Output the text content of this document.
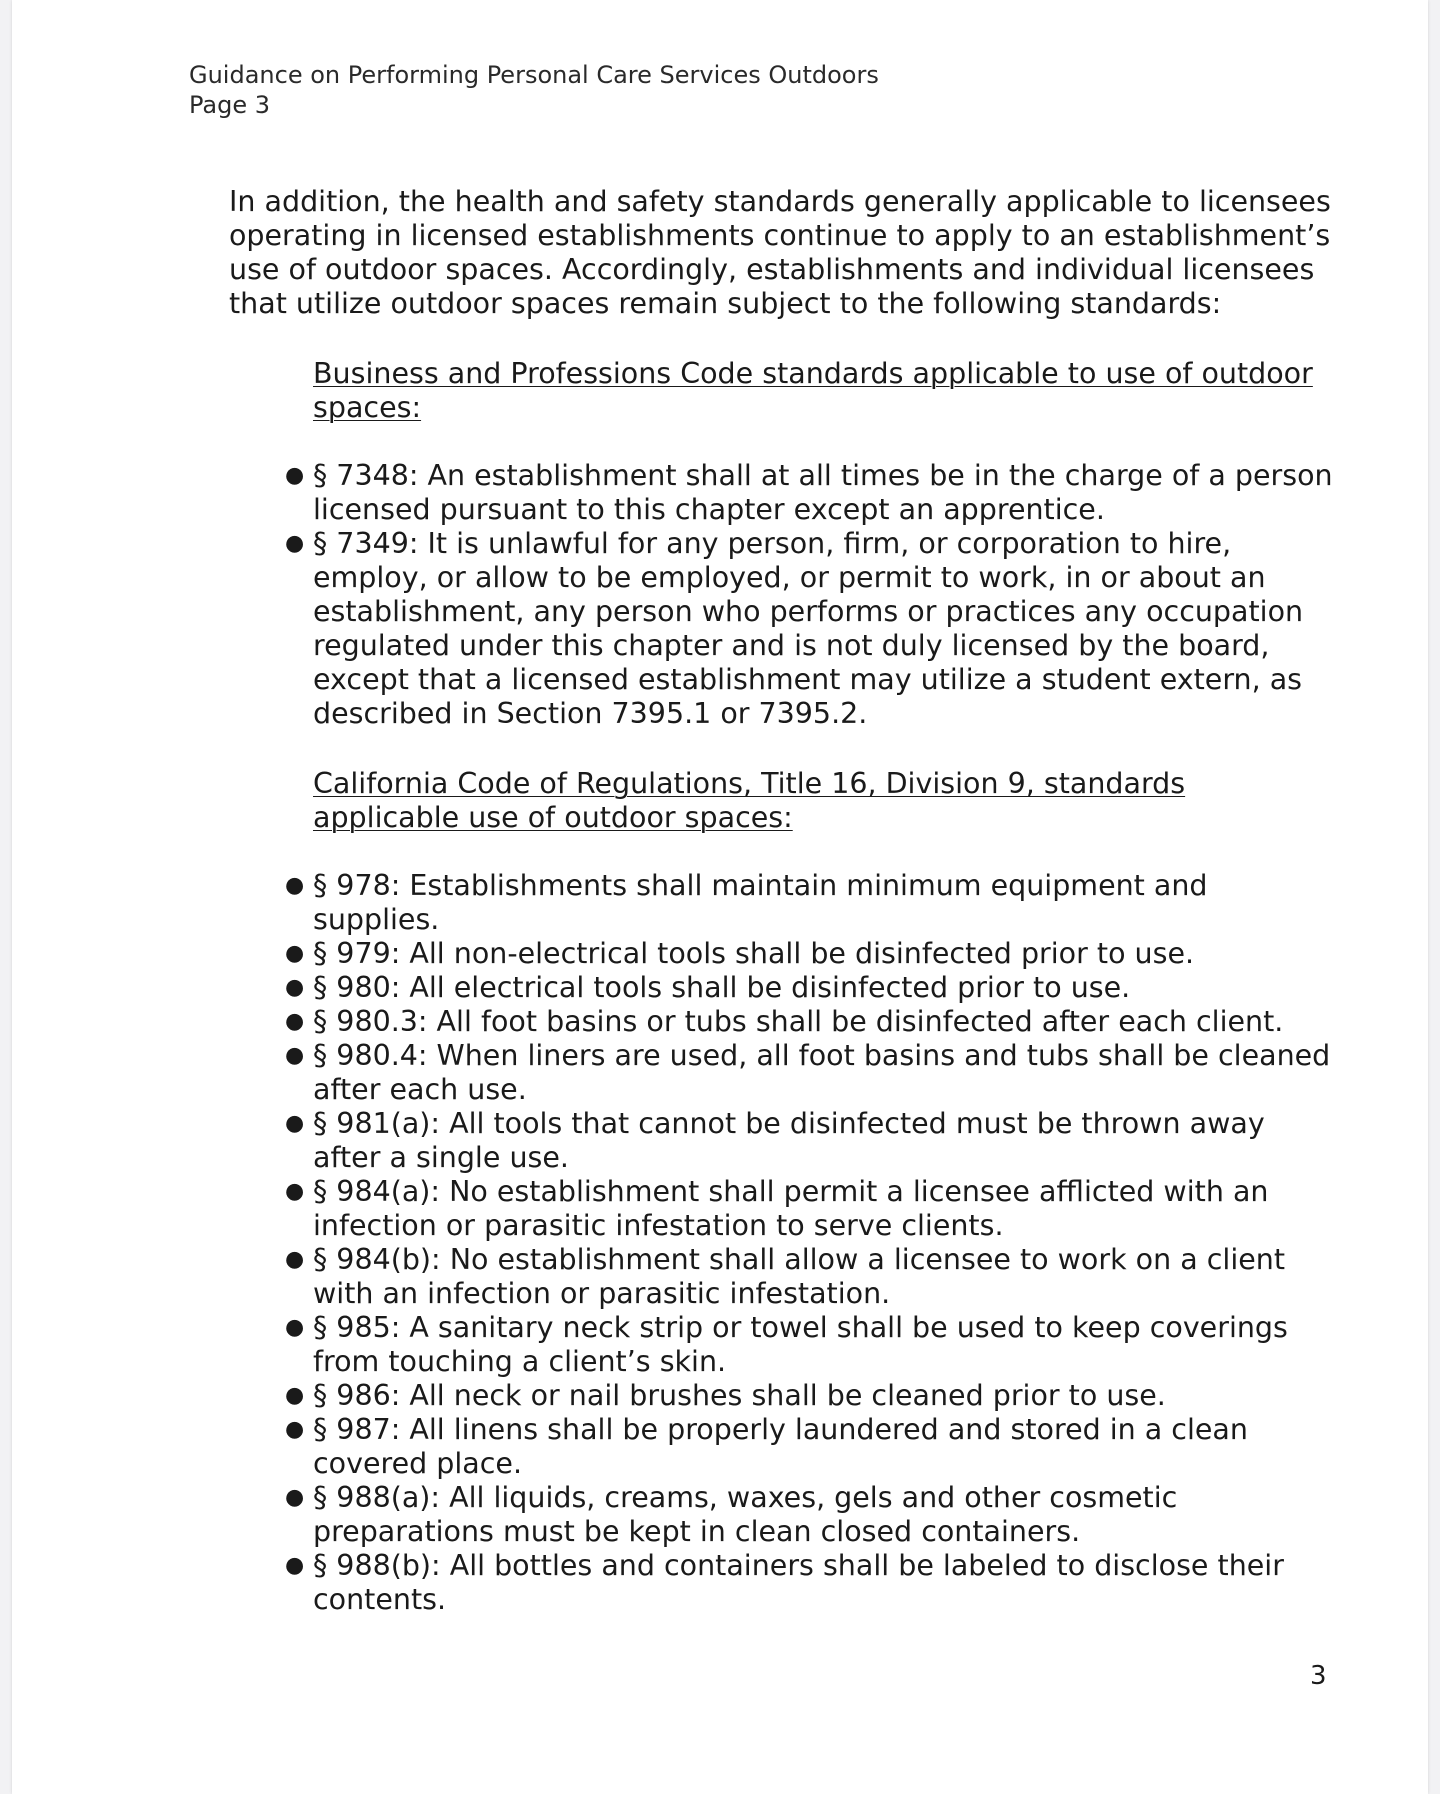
Guidance on Performing Personal Care Services Outdoors
Page 3

In addition, the health and safety standards generally applicable to licensees operating in licensed establishments continue to apply to an establishment’s use of outdoor spaces. Accordingly, establishments and individual licensees that utilize outdoor spaces remain subject to the following standards:

Business and Professions Code standards applicable to use of outdoor spaces:
● § 7348: An establishment shall at all times be in the charge of a person licensed pursuant to this chapter except an apprentice.
● § 7349: It is unlawful for any person, firm, or corporation to hire, employ, or allow to be employed, or permit to work, in or about an establishment, any person who performs or practices any occupation regulated under this chapter and is not duly licensed by the board, except that a licensed establishment may utilize a student extern, as described in Section 7395.1 or 7395.2.
California Code of Regulations, Title 16, Division 9, standards applicable use of outdoor spaces:
● § 978: Establishments shall maintain minimum equipment and supplies.
● § 979: All non-electrical tools shall be disinfected prior to use.
● § 980: All electrical tools shall be disinfected prior to use.
● § 980.3: All foot basins or tubs shall be disinfected after each client.
● § 980.4: When liners are used, all foot basins and tubs shall be cleaned after each use.
● § 981(a): All tools that cannot be disinfected must be thrown away after a single use.
● § 984(a): No establishment shall permit a licensee afflicted with an infection or parasitic infestation to serve clients.
● § 984(b): No establishment shall allow a licensee to work on a client with an infection or parasitic infestation.
● § 985: A sanitary neck strip or towel shall be used to keep coverings from touching a client’s skin.
● § 986: All neck or nail brushes shall be cleaned prior to use.
● § 987: All linens shall be properly laundered and stored in a clean covered place.
● § 988(a): All liquids, creams, waxes, gels and other cosmetic preparations must be kept in clean closed containers.
● § 988(b): All bottles and containers shall be labeled to disclose their contents.
3
